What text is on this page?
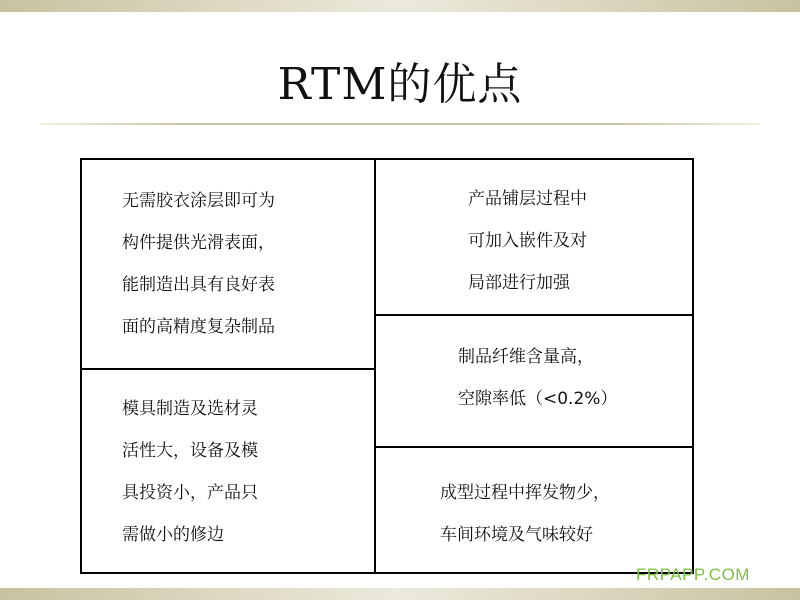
RTM的优点
无需胶衣涂层即可为
构件提供光滑表面，
能制造出具有良好表
面的高精度复杂制品
模具制造及选材灵
活性大，设备及模
具投资小，产品只
需做小的修边
产品铺层过程中
可加入嵌件及对
局部进行加强
制品纤维含量高，
空隙率低（<0.2%）
成型过程中挥发物少，
车间环境及气味较好
FRPAPP.COM
